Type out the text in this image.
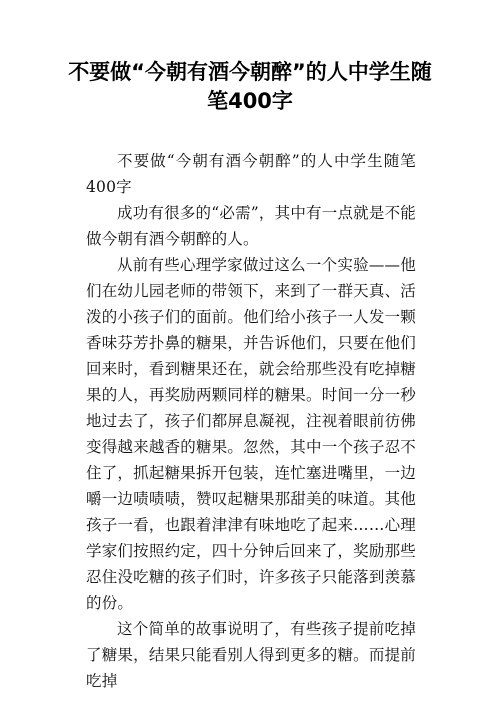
不要做“今朝有酒今朝醉”的人中学生随笔400字

不要做“今朝有酒今朝醉”的人中学生随笔400字

成功有很多的“必需”，其中有一点就是不能做今朝有酒今朝醉的人。

从前有些心理学家做过这么一个实验——他们在幼儿园老师的带领下，来到了一群天真、活泼的小孩子们的面前。他们给小孩子一人发一颗香味芬芳扑鼻的糖果，并告诉他们，只要在他们回来时，看到糖果还在，就会给那些没有吃掉糖果的人，再奖励两颗同样的糖果。时间一分一秒地过去了，孩子们都屏息凝视，注视着眼前彷佛变得越来越香的糖果。忽然，其中一个孩子忍不住了，抓起糖果拆开包装，连忙塞进嘴里，一边嚼一边啧啧啧，赞叹起糖果那甜美的味道。其他孩子一看，也跟着津津有味地吃了起来……心理学家们按照约定，四十分钟后回来了，奖励那些忍住没吃糖的孩子们时，许多孩子只能落到羡慕的份。

这个简单的故事说明了，有些孩子提前吃掉了糖果，结果只能看别人得到更多的糖。而提前吃掉
